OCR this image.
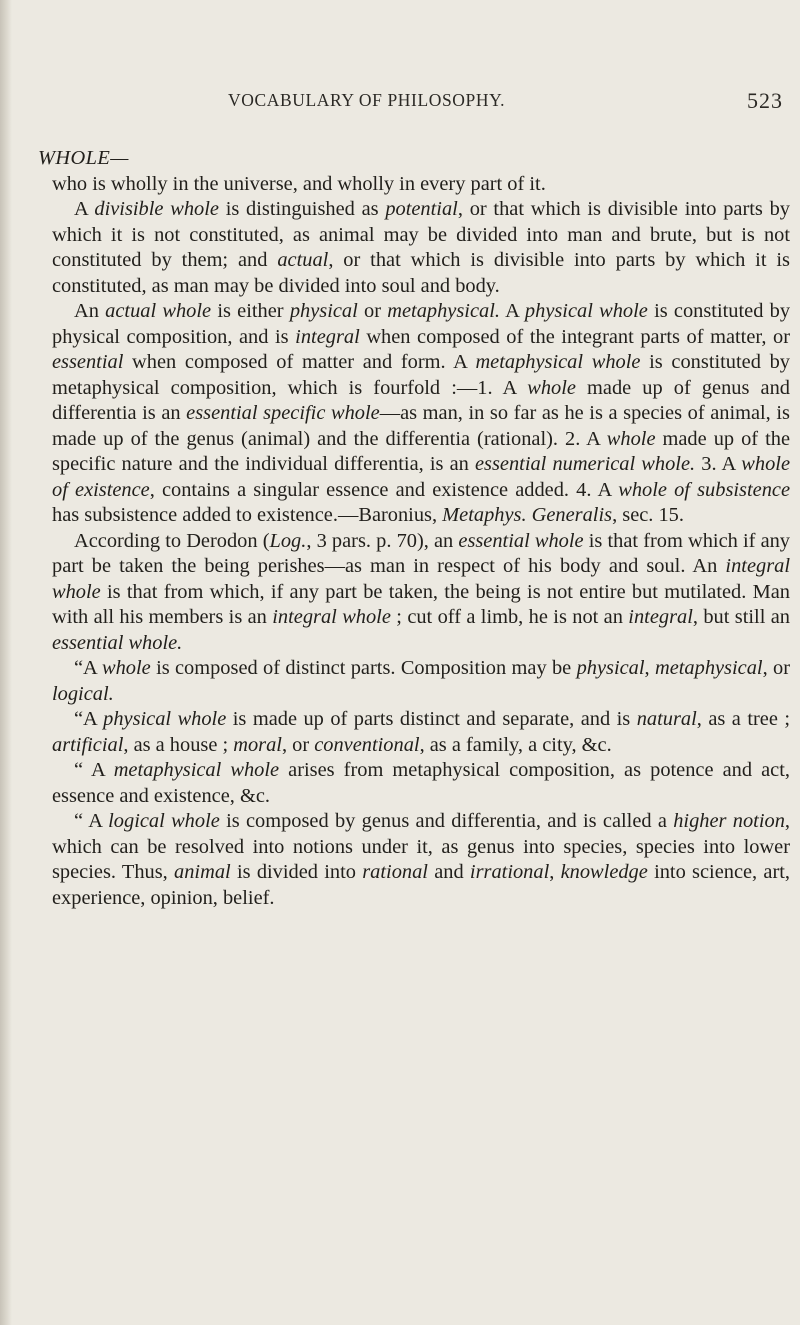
VOCABULARY OF PHILOSOPHY.	523
WHOLE—

who is wholly in the universe, and wholly in every part of it.

A divisible whole is distinguished as potential, or that which is divisible into parts by which it is not constituted, as animal may be divided into man and brute, but is not constituted by them; and actual, or that which is divisible into parts by which it is constituted, as man may be divided into soul and body.

An actual whole is either physical or metaphysical. A physical whole is constituted by physical composition, and is integral when composed of the integrant parts of matter, or essential when composed of matter and form. A metaphysical whole is constituted by metaphysical composition, which is fourfold :—1. A whole made up of genus and differentia is an essential specific whole—as man, in so far as he is a species of animal, is made up of the genus (animal) and the differentia (rational). 2. A whole made up of the specific nature and the individual differentia, is an essential numerical whole. 3. A whole of existence, contains a singular essence and existence added. 4. A whole of subsistence has subsistence added to existence.—Baronius, Metaphys. Generalis, sec. 15.

According to Derodon (Log., 3 pars. p. 70), an essential whole is that from which if any part be taken the being perishes—as man in respect of his body and soul. An integral whole is that from which, if any part be taken, the being is not entire but mutilated. Man with all his members is an integral whole ; cut off a limb, he is not an integral, but still an essential whole.

“A whole is composed of distinct parts. Composition may be physical, metaphysical, or logical.

“A physical whole is made up of parts distinct and separate, and is natural, as a tree ; artificial, as a house ; moral, or conventional, as a family, a city, &c.

“ A metaphysical whole arises from metaphysical composition, as potence and act, essence and existence, &c.

“ A logical whole is composed by genus and differentia, and is called a higher notion, which can be resolved into notions under it, as genus into species, species into lower species. Thus, animal is divided into rational and irrational, knowledge into science, art, experience, opinion, belief.
